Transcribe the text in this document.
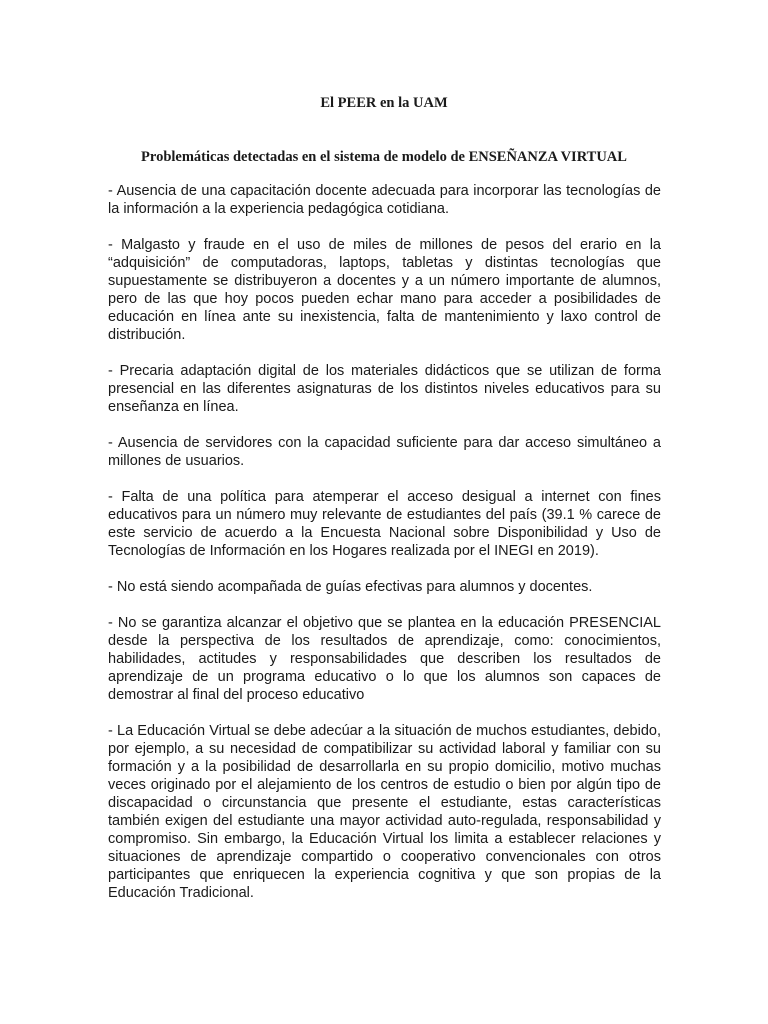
El PEER en la UAM
Problemáticas detectadas en el sistema de modelo de ENSEÑANZA VIRTUAL

- Ausencia de una capacitación docente adecuada para incorporar las tecnologías de la información a la experiencia pedagógica cotidiana.

- Malgasto y fraude en el uso de miles de millones de pesos del erario en la “adquisición” de computadoras, laptops, tabletas y distintas tecnologías que supuestamente se distribuyeron a docentes y a un número importante de alumnos, pero de las que hoy pocos pueden echar mano para acceder a posibilidades de educación en línea ante su inexistencia, falta de mantenimiento y laxo control de distribución.

- Precaria adaptación digital de los materiales didácticos que se utilizan de forma presencial en las diferentes asignaturas de los distintos niveles educativos para su enseñanza en línea.

- Ausencia de servidores con la capacidad suficiente para dar acceso simultáneo a millones de usuarios.

- Falta de una política para atemperar el acceso desigual a internet con fines educativos para un número muy relevante de estudiantes del país (39.1 % carece de este servicio de acuerdo a la Encuesta Nacional sobre Disponibilidad y Uso de Tecnologías de Información en los Hogares realizada por el INEGI en 2019).

- No está siendo acompañada de guías efectivas para alumnos y docentes.

- No se garantiza alcanzar el objetivo que se plantea en la educación PRESENCIAL desde la perspectiva de los resultados de aprendizaje, como: conocimientos, habilidades, actitudes y responsabilidades que describen los resultados de aprendizaje de un programa educativo o lo que los alumnos son capaces de demostrar al final del proceso educativo

- La Educación Virtual se debe adecúar a la situación de muchos estudiantes, debido, por ejemplo, a su necesidad de compatibilizar su actividad laboral y familiar con su formación y a la posibilidad de desarrollarla en su propio domicilio, motivo muchas veces originado por el alejamiento de los centros de estudio o bien por algún tipo de discapacidad o circunstancia que presente el estudiante, estas características también exigen del estudiante una mayor actividad auto-regulada, responsabilidad y compromiso. Sin embargo, la Educación Virtual los limita a establecer relaciones y situaciones de aprendizaje compartido o cooperativo convencionales con otros participantes que enriquecen la experiencia cognitiva y que son propias de la Educación Tradicional.
